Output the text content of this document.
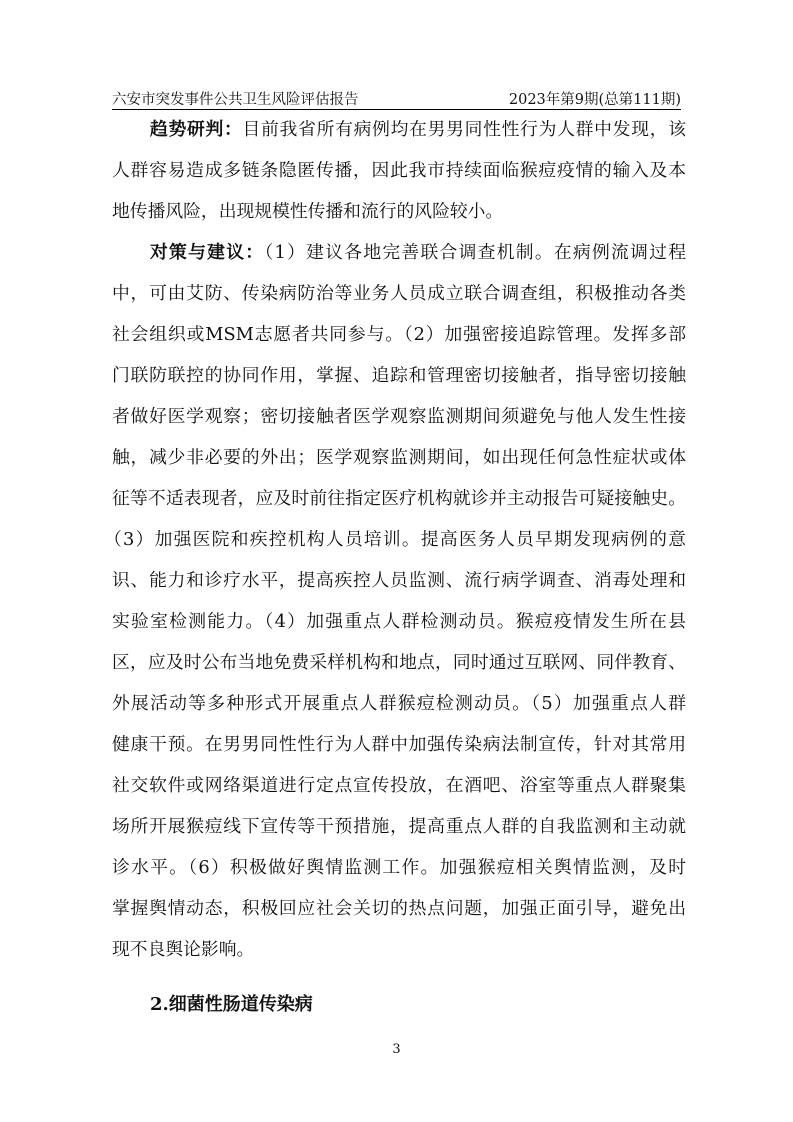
六安市突发事件公共卫生风险评估报告	2023年第9期(总第111期)
趋势研判：目前我省所有病例均在男男同性性行为人群中发现，该
人群容易造成多链条隐匿传播，因此我市持续面临猴痘疫情的输入及本
地传播风险，出现规模性传播和流行的风险较小。
对策与建议：（1）建议各地完善联合调查机制。在病例流调过程
中，可由艾防、传染病防治等业务人员成立联合调查组，积极推动各类
社会组织或MSM志愿者共同参与。（2）加强密接追踪管理。发挥多部
门联防联控的协同作用，掌握、追踪和管理密切接触者，指导密切接触
者做好医学观察；密切接触者医学观察监测期间须避免与他人发生性接
触，减少非必要的外出；医学观察监测期间，如出现任何急性症状或体
征等不适表现者，应及时前往指定医疗机构就诊并主动报告可疑接触史。
（3）加强医院和疾控机构人员培训。提高医务人员早期发现病例的意
识、能力和诊疗水平，提高疾控人员监测、流行病学调查、消毒处理和
实验室检测能力。（4）加强重点人群检测动员。猴痘疫情发生所在县
区，应及时公布当地免费采样机构和地点，同时通过互联网、同伴教育、
外展活动等多种形式开展重点人群猴痘检测动员。（5）加强重点人群
健康干预。在男男同性性行为人群中加强传染病法制宣传，针对其常用
社交软件或网络渠道进行定点宣传投放，在酒吧、浴室等重点人群聚集
场所开展猴痘线下宣传等干预措施，提高重点人群的自我监测和主动就
诊水平。（6）积极做好舆情监测工作。加强猴痘相关舆情监测，及时
掌握舆情动态，积极回应社会关切的热点问题，加强正面引导，避免出
现不良舆论影响。
2.细菌性肠道传染病
3
